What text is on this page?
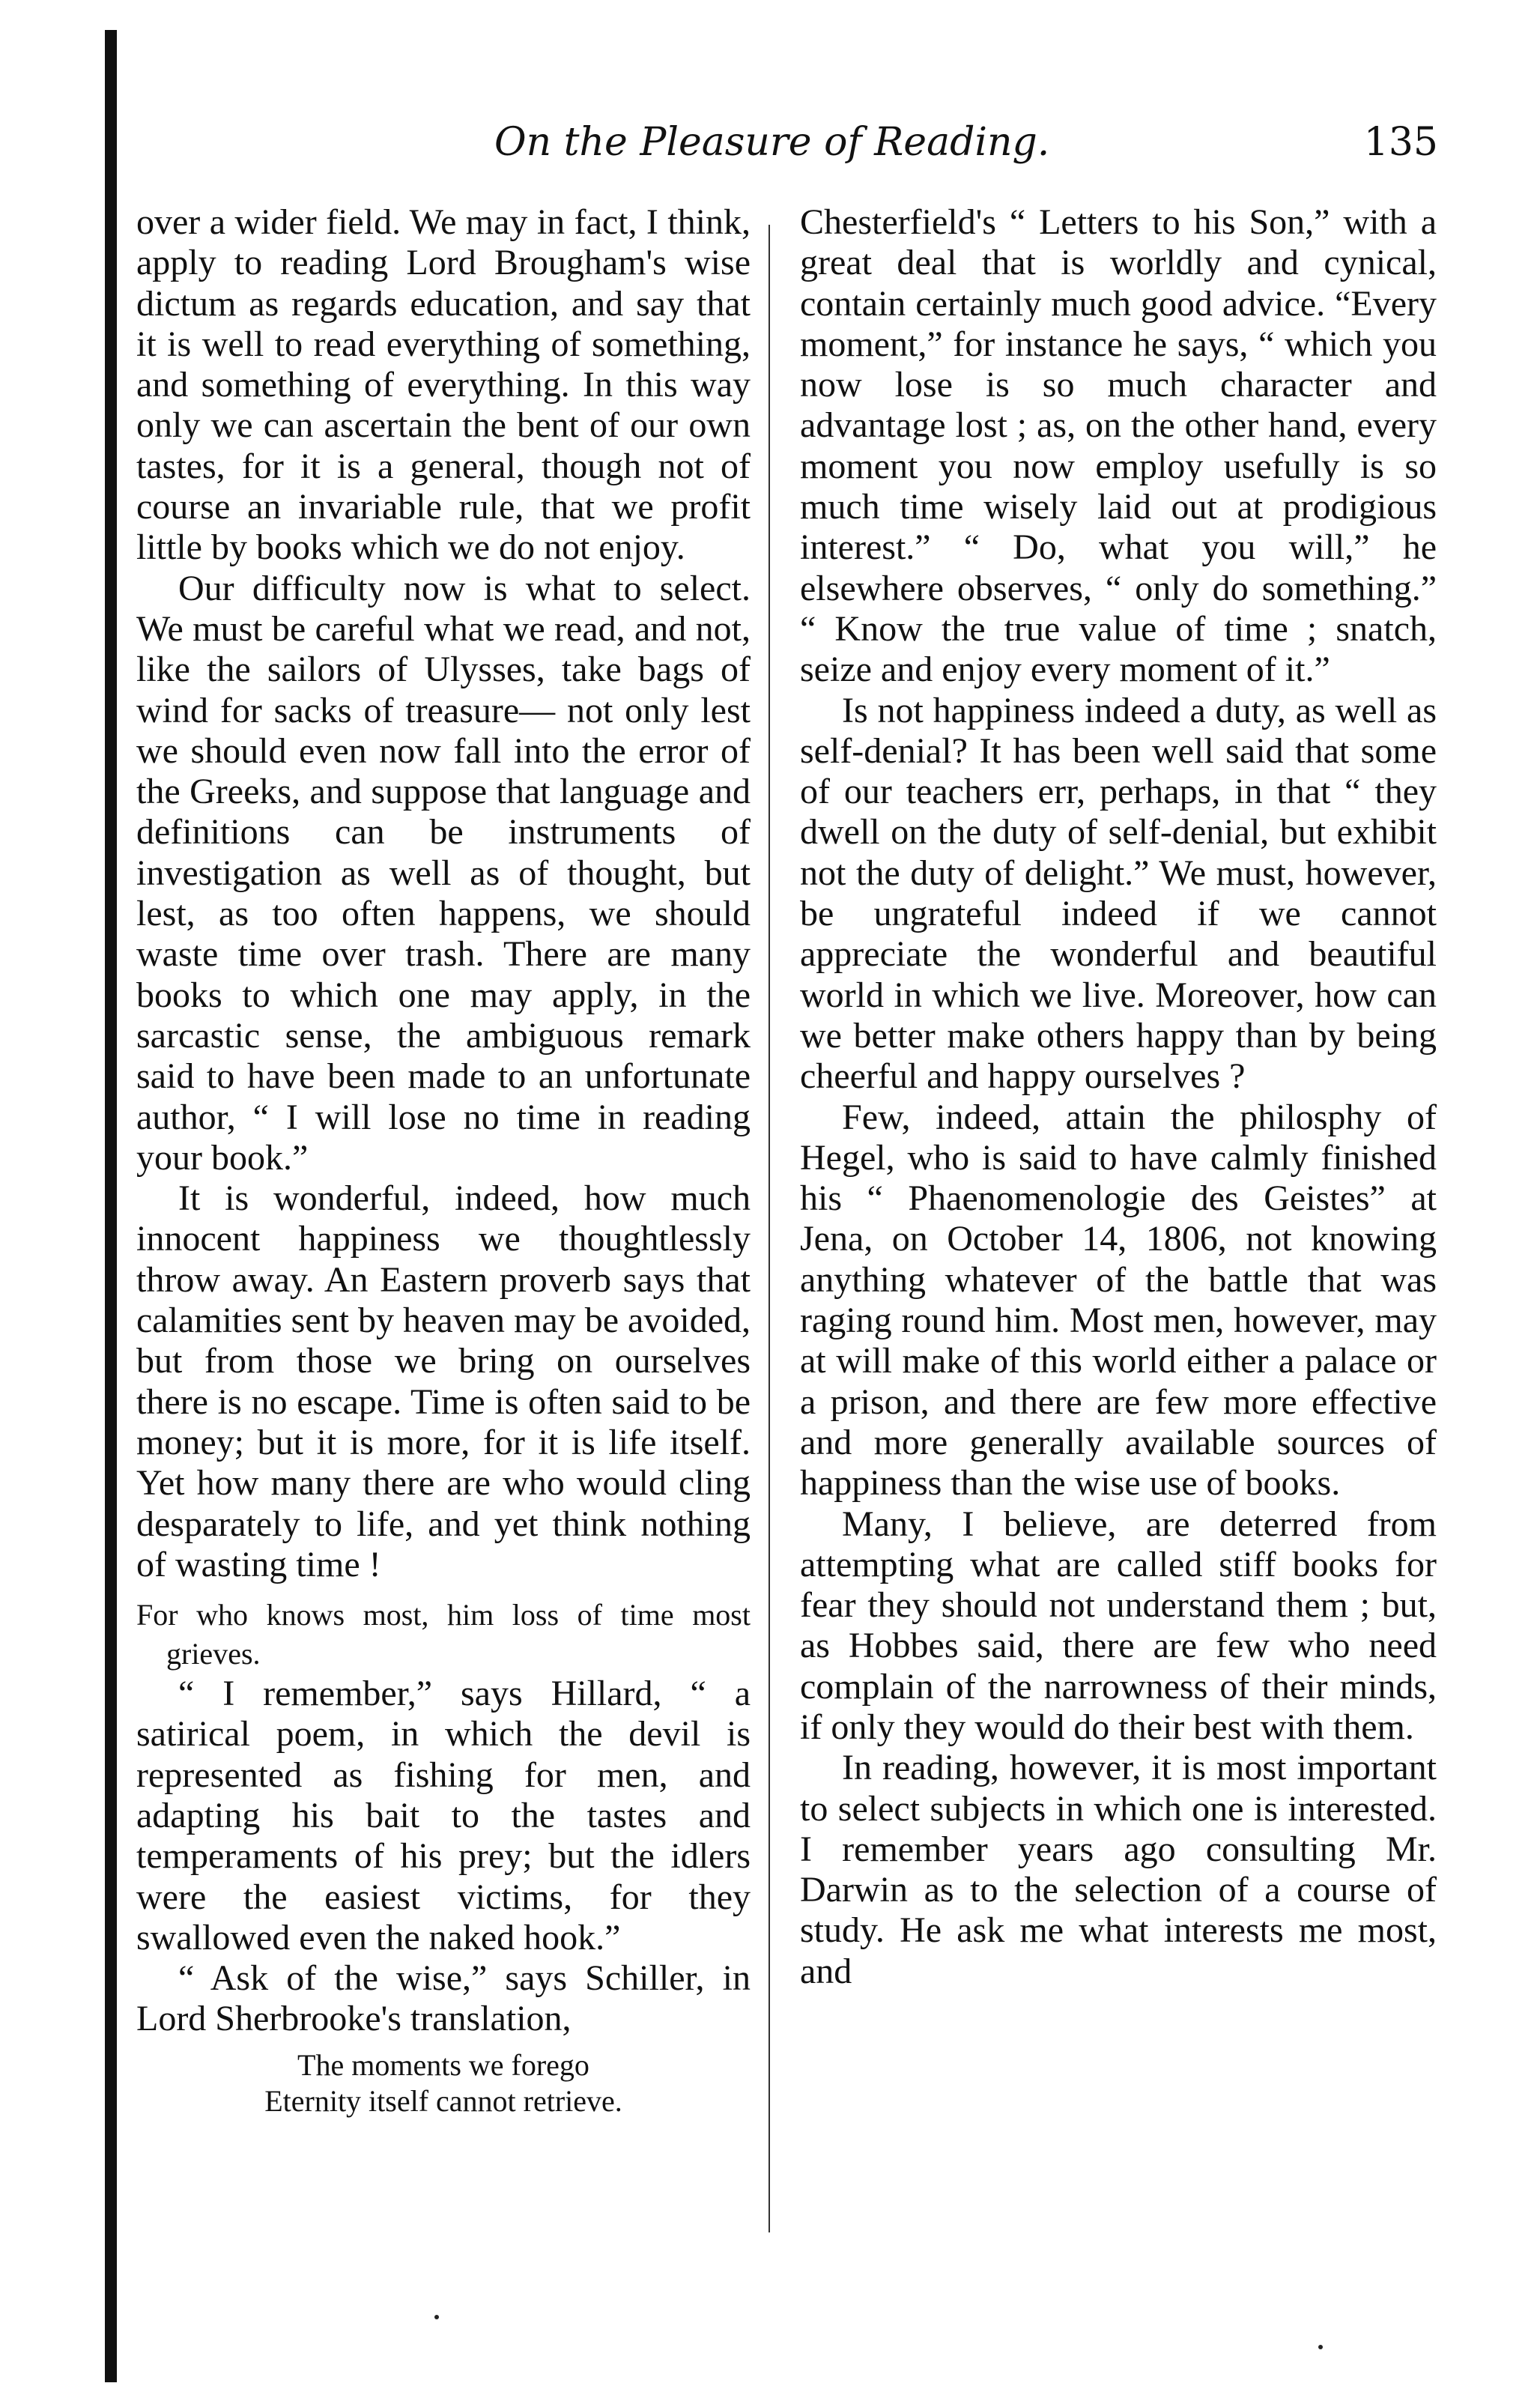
On the Pleasure of Reading.	135

over a wider field. We may in fact, I think, apply to reading Lord Brougham's wise dictum as regards education, and say that it is well to read everything of something, and something of everything. In this way only we can ascertain the bent of our own tastes, for it is a general, though not of course an invariable rule, that we profit little by books which we do not enjoy.

Our difficulty now is what to select. We must be careful what we read, and not, like the sailors of Ulysses, take bags of wind for sacks of treasure— not only lest we should even now fall into the error of the Greeks, and suppose that language and definitions can be instruments of investigation as well as of thought, but lest, as too often happens, we should waste time over trash. There are many books to which one may apply, in the sarcastic sense, the ambiguous remark said to have been made to an unfortunate author, “ I will lose no time in reading your book.”

It is wonderful, indeed, how much innocent happiness we thoughtlessly throw away. An Eastern proverb says that calamities sent by heaven may be avoided, but from those we bring on ourselves there is no escape. Time is often said to be money; but it is more, for it is life itself. Yet how many there are who would cling desparately to life, and yet think nothing of wasting time !

For who knows most, him loss of time most grieves.

“ I remember,” says Hillard, “ a satirical poem, in which the devil is represented as fishing for men, and adapting his bait to the tastes and temperaments of his prey; but the idlers were the easiest victims, for they swallowed even the naked hook.”

“ Ask of the wise,” says Schiller, in Lord Sherbrooke's translation,

The moments we forego
Eternity itself cannot retrieve.

Chesterfield's “ Letters to his Son,” with a great deal that is worldly and cynical, contain certainly much good advice. “Every moment,” for instance he says, “ which you now lose is so much character and advantage lost ; as, on the other hand, every moment you now employ usefully is so much time wisely laid out at prodigious interest.” “ Do, what you will,” he elsewhere observes, “ only do something.” “ Know the true value of time ; snatch, seize and enjoy every moment of it.”

Is not happiness indeed a duty, as well as self-denial? It has been well said that some of our teachers err, perhaps, in that “ they dwell on the duty of self-denial, but exhibit not the duty of delight.” We must, however, be ungrateful indeed if we cannot appreciate the wonderful and beautiful world in which we live. Moreover, how can we better make others happy than by being cheerful and happy ourselves ?

Few, indeed, attain the philosphy of Hegel, who is said to have calmly finished his “ Phaenomenologie des Geistes” at Jena, on October 14, 1806, not knowing anything whatever of the battle that was raging round him. Most men, however, may at will make of this world either a palace or a prison, and there are few more effective and more generally available sources of happiness than the wise use of books.

Many, I believe, are deterred from attempting what are called stiff books for fear they should not understand them ; but, as Hobbes said, there are few who need complain of the narrowness of their minds, if only they would do their best with them.

In reading, however, it is most important to select subjects in which one is interested. I remember years ago consulting Mr. Darwin as to the selection of a course of study. He ask me what interests me most, and
